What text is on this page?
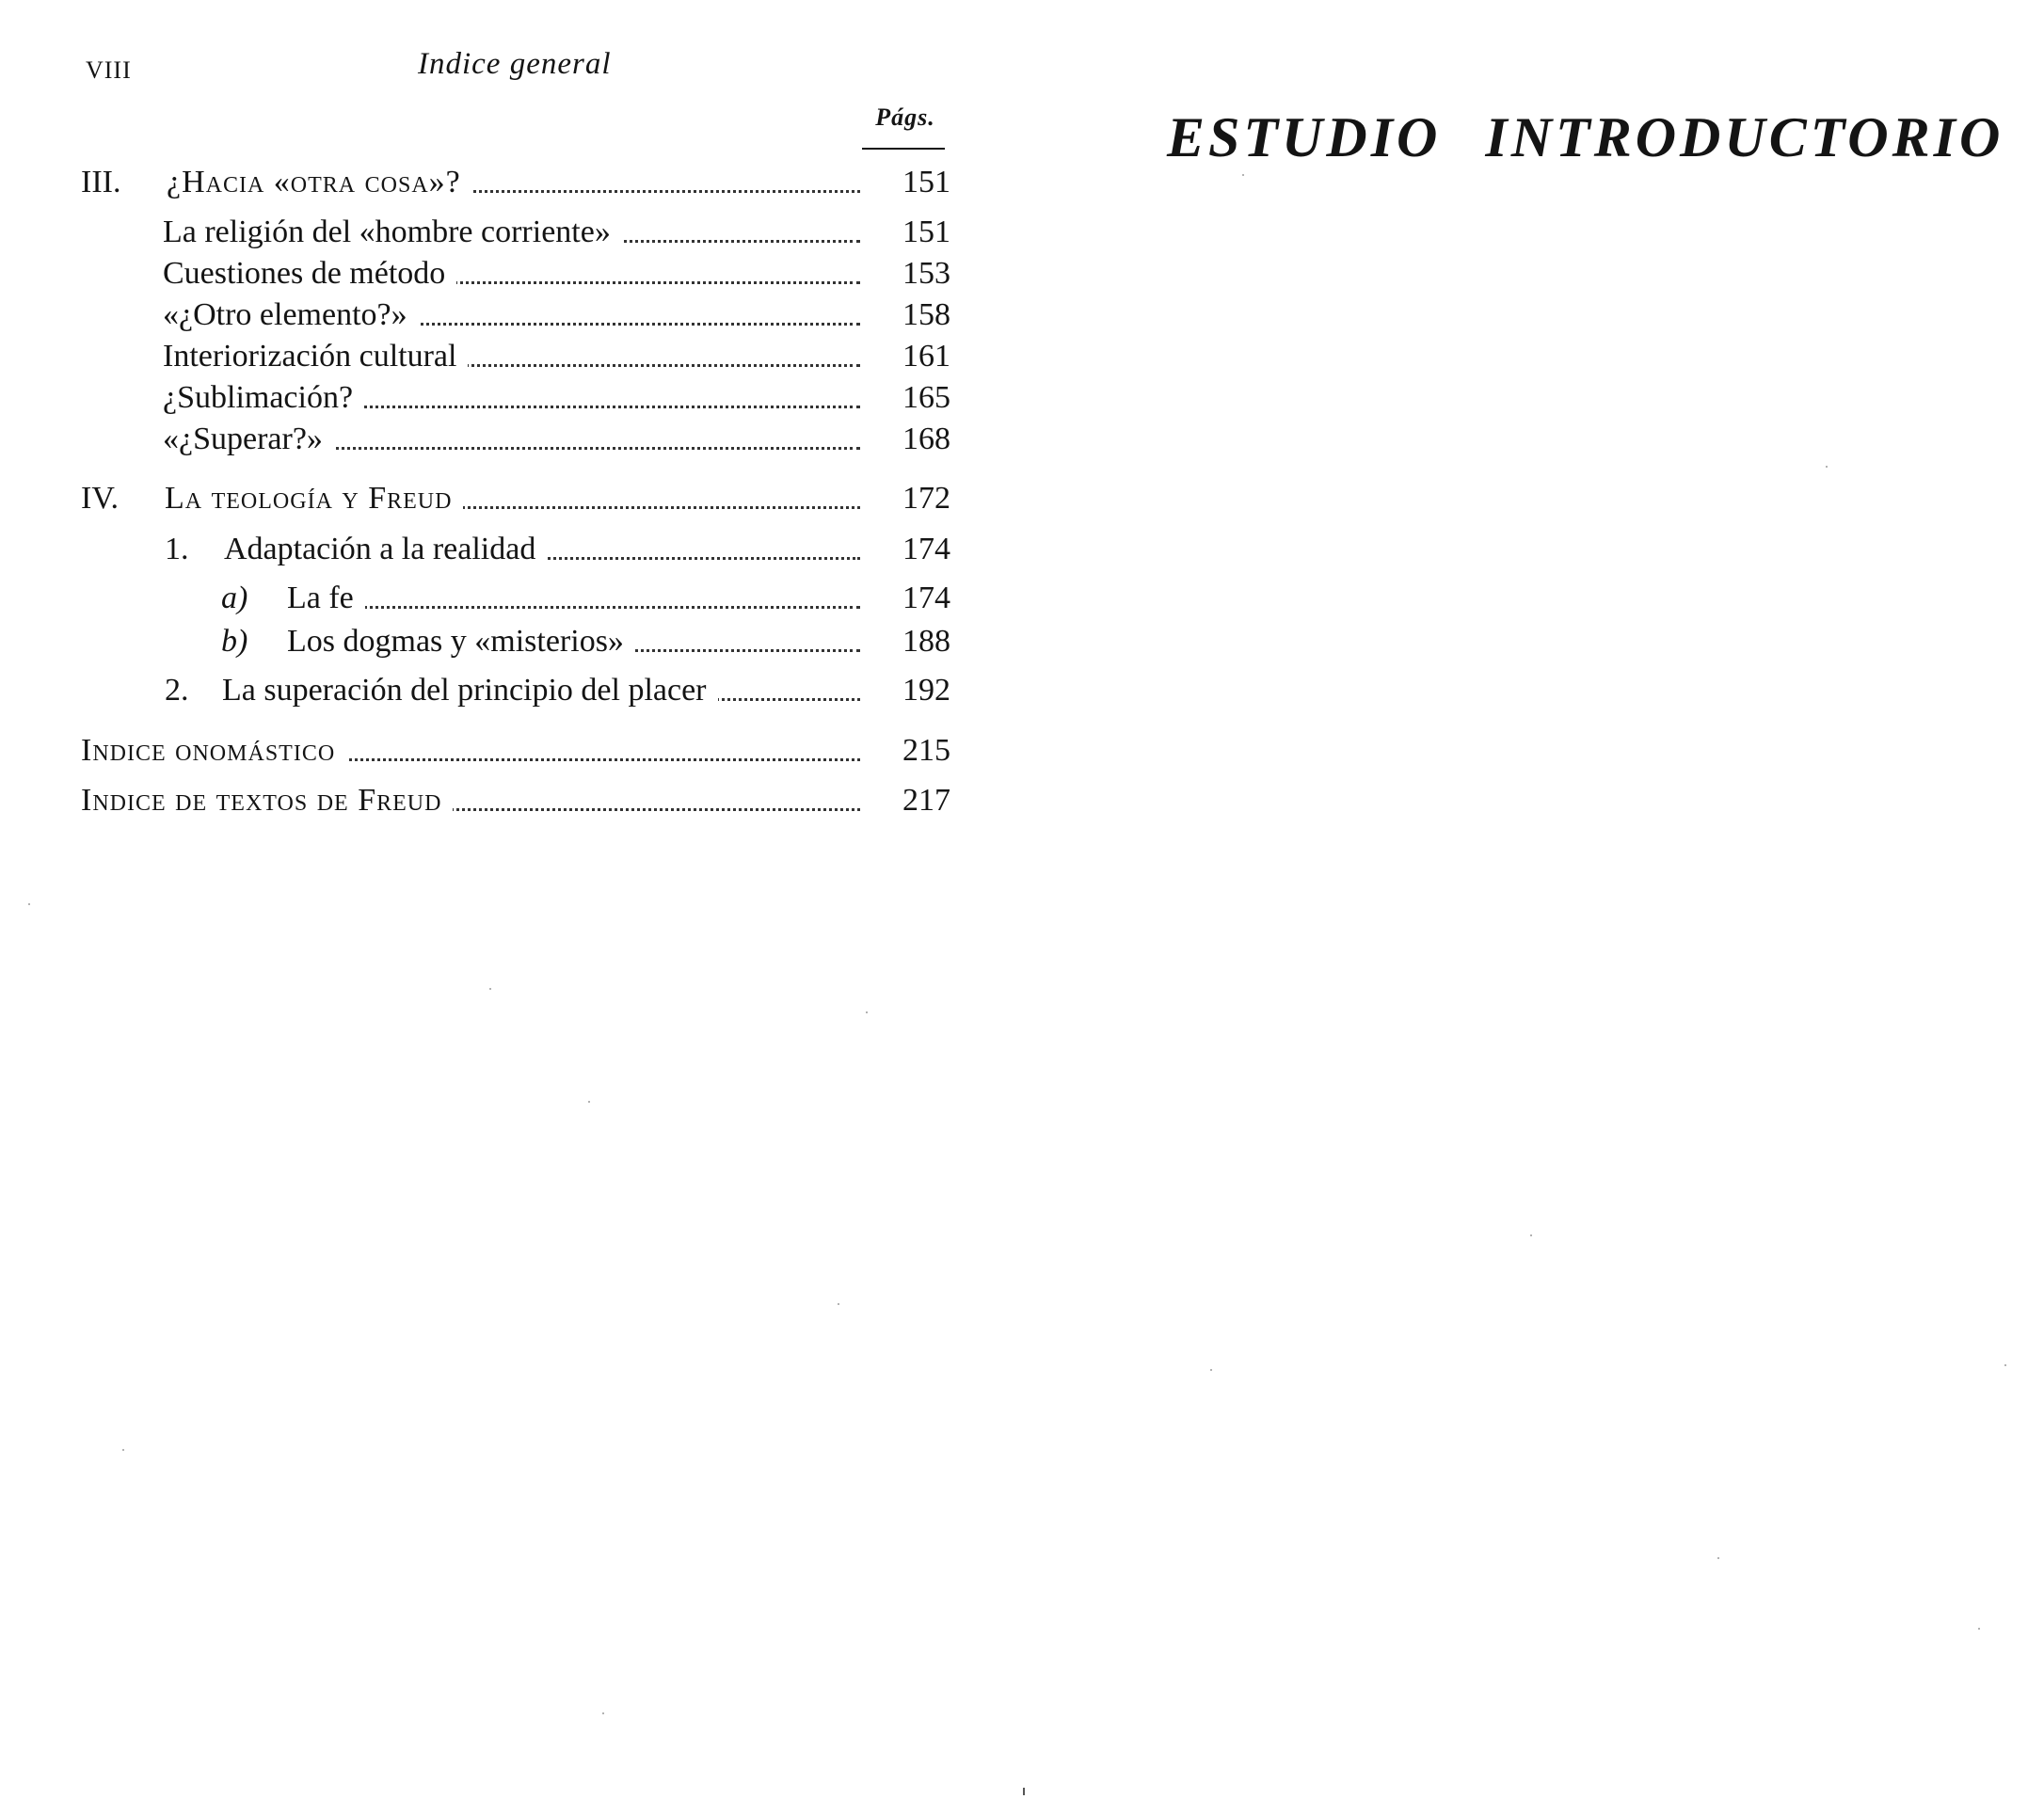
VIII	Indice general
Págs.
III. ¿Hacia «otra cosa»?	151
La religión del «hombre corriente»	151
Cuestiones de método	153
«¿Otro elemento?»	158
Interiorización cultural	161
¿Sublimación?	165
«¿Superar?»	168
IV. La teología y Freud	172
1. Adaptación a la realidad	174
a) La fe	174
b) Los dogmas y «misterios»	188
2. La superación del principio del placer	192
Indice onomástico	215
Indice de textos de Freud	217
ESTUDIO INTRODUCTORIO
